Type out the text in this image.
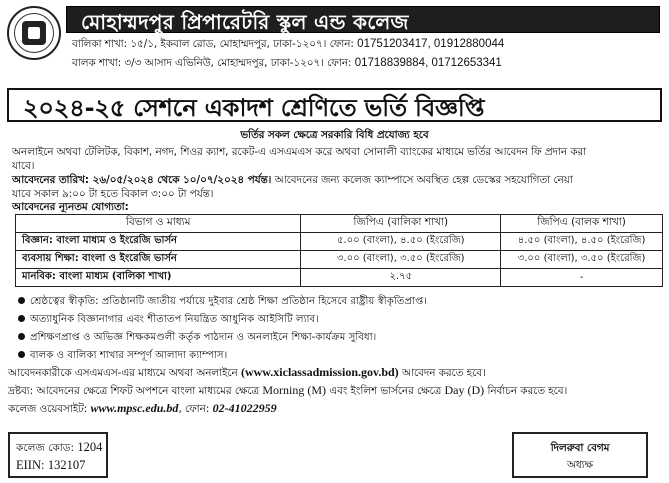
মোহাম্মদপুর প্রিপারেটরি স্কুল এন্ড কলেজ
বালিকা শাখা: ১৫/১, ইকবাল রোড, মোহাম্মদপুর, ঢাকা-১২০৭। ফোন: 01751203417, 01912880044
বালক শাখা: ৩/৩ আসাদ এভিনিউ, মোহাম্মদপুর, ঢাকা-১২০৭। ফোন: 01718839884, 01712653341
২০২৪-২৫ সেশনে একাদশ শ্রেণিতে ভর্তি বিজ্ঞপ্তি
ভর্তির সকল ক্ষেত্রে সরকারি বিধি প্রযোজ্য হবে
অনলাইনে অথবা টেলিটক, বিকাশ, নগদ, শিওর ক্যাশ, রকেট-এ এসএমএস করে অথবা সোনালী ব্যাংকের মাধ্যমে ভর্তির আবেদন ফি প্রদান করা
যাবে।
আবেদনের তারিখ: ২৬/০৫/২০২৪ থেকে ১০/০৭/২০২৪ পর্যন্ত। আবেদনের জন্য কলেজ ক্যাম্পাসে অবস্থিত হেল্প ডেস্কের সহযোগিতা নেয়া
যাবে সকাল ৯:০০ টা হতে বিকাল ৩:০০ টা পর্যন্ত।
আবেদনের ন্যূনতম যোগ্যতা:
বিভাগ ও মাধ্যম	জিপিএ (বালিকা শাখা)	জিপিএ (বালক শাখা)
বিজ্ঞান: বাংলা মাধ্যম ও ইংরেজি ভার্সন	৫.০০ (বাংলা), ৪.৫০ (ইংরেজি)	৪.৫০ (বাংলা), ৪.৫০ (ইংরেজি)
ব্যবসায় শিক্ষা: বাংলা ও ইংরেজি ভার্সন	৩.০০ (বাংলা), ৩.৫০ (ইংরেজি)	৩.০০ (বাংলা), ৩.৫০ (ইংরেজি)
মানবিক: বাংলা মাধ্যম (বালিকা শাখা)	২.৭৫	-
শ্রেষ্ঠত্বের স্বীকৃতি: প্রতিষ্ঠানটি জাতীয় পর্যায়ে দুইবার শ্রেষ্ঠ শিক্ষা প্রতিষ্ঠান হিসেবে রাষ্ট্রীয় স্বীকৃতিপ্রাপ্ত।
অত্যাধুনিক বিজ্ঞানাগার এবং শীতাতপ নিয়ন্ত্রিত আধুনিক আইসিটি ল্যাব।
প্রশিক্ষণপ্রাপ্ত ও অভিজ্ঞ শিক্ষকমণ্ডলী কর্তৃক পাঠদান ও অনলাইনে শিক্ষা-কার্যক্রম সুবিধা।
বালক ও বালিকা শাখার সম্পূর্ণ আলাদা ক্যাম্পাস।
আবেদনকারীকে এসএমএস-এর মাধ্যমে অথবা অনলাইনে (www.xiclassadmission.gov.bd) আবেদন করতে হবে।
দ্রষ্টব্য: আবেদনের ক্ষেত্রে শিফট অপশনে বাংলা মাধ্যমের ক্ষেত্রে Morning (M) এবং ইংলিশ ভার্সনের ক্ষেত্রে Day (D) নির্বাচন করতে হবে।
কলেজ ওয়েবসাইট: www.mpsc.edu.bd, ফোন: 02-41022959
কলেজ কোড: 1204
EIIN: 132107
দিলরুবা বেগম
অধ্যক্ষ
